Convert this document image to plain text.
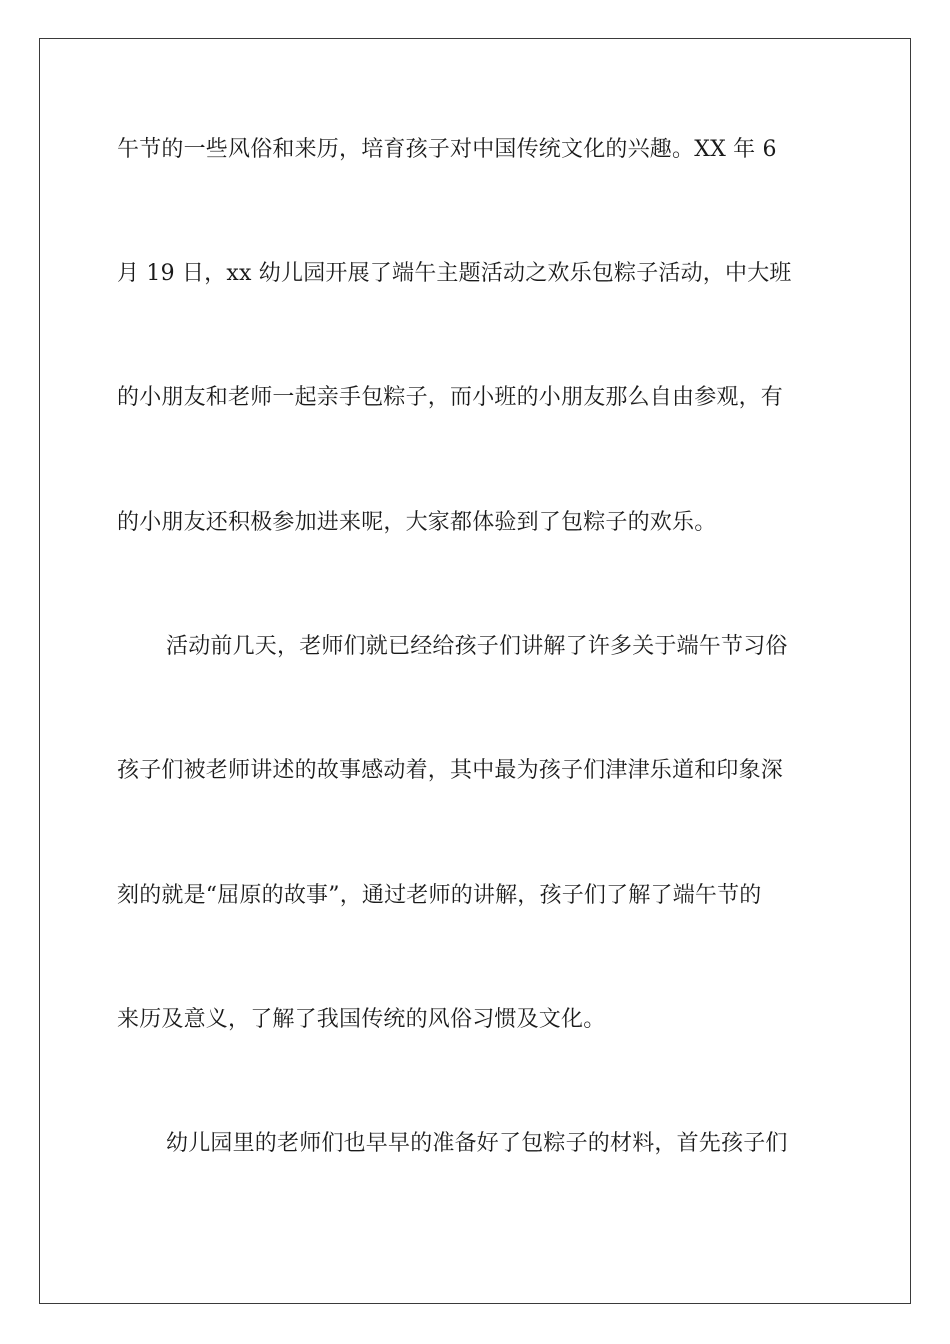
午节的一些风俗和来历，培育孩子对中国传统文化的兴趣。XX 年 6
月 19 日，xx 幼儿园开展了端午主题活动之欢乐包粽子活动，中大班
的小朋友和老师一起亲手包粽子，而小班的小朋友那么自由参观，有
的小朋友还积极参加进来呢，大家都体验到了包粽子的欢乐。
活动前几天，老师们就已经给孩子们讲解了许多关于端午节习俗
孩子们被老师讲述的故事感动着，其中最为孩子们津津乐道和印象深
刻的就是“屈原的故事”，通过老师的讲解，孩子们了解了端午节的
来历及意义，了解了我国传统的风俗习惯及文化。
幼儿园里的老师们也早早的准备好了包粽子的材料，首先孩子们
